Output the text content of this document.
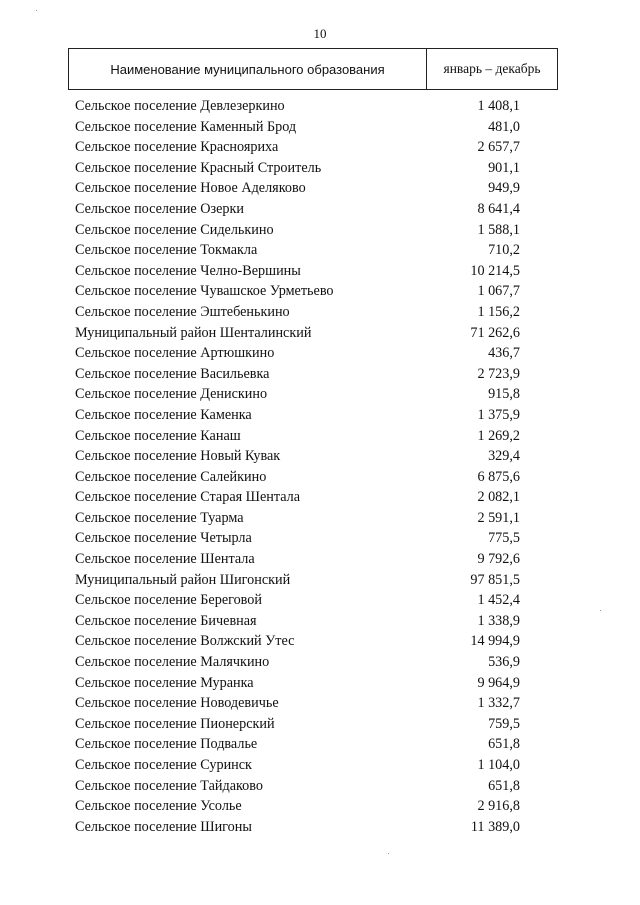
10
Наименование муниципального образования	январь – декабрь
Сельское поселение Девлезеркино	1 408,1
Сельское поселение Каменный Брод	481,0
Сельское поселение Краснояриха	2 657,7
Сельское поселение Красный Строитель	901,1
Сельское поселение Новое Аделяково	949,9
Сельское поселение Озерки	8 641,4
Сельское поселение Сиделькино	1 588,1
Сельское поселение Токмакла	710,2
Сельское поселение Челно-Вершины	10 214,5
Сельское поселение Чувашское Урметьево	1 067,7
Сельское поселение Эштебенькино	1 156,2
Муниципальный район Шенталинский	71 262,6
Сельское поселение Артюшкино	436,7
Сельское поселение Васильевка	2 723,9
Сельское поселение Денискино	915,8
Сельское поселение Каменка	1 375,9
Сельское поселение Канаш	1 269,2
Сельское поселение Новый Кувак	329,4
Сельское поселение Салейкино	6 875,6
Сельское поселение Старая Шентала	2 082,1
Сельское поселение Туарма	2 591,1
Сельское поселение Четырла	775,5
Сельское поселение Шентала	9 792,6
Муниципальный район Шигонский	97 851,5
Сельское поселение Береговой	1 452,4
Сельское поселение Бичевная	1 338,9
Сельское поселение Волжский Утес	14 994,9
Сельское поселение Малячкино	536,9
Сельское поселение Муранка	9 964,9
Сельское поселение Новодевичье	1 332,7
Сельское поселение Пионерский	759,5
Сельское поселение Подвалье	651,8
Сельское поселение Суринск	1 104,0
Сельское поселение Тайдаково	651,8
Сельское поселение Усолье	2 916,8
Сельское поселение Шигоны	11 389,0
